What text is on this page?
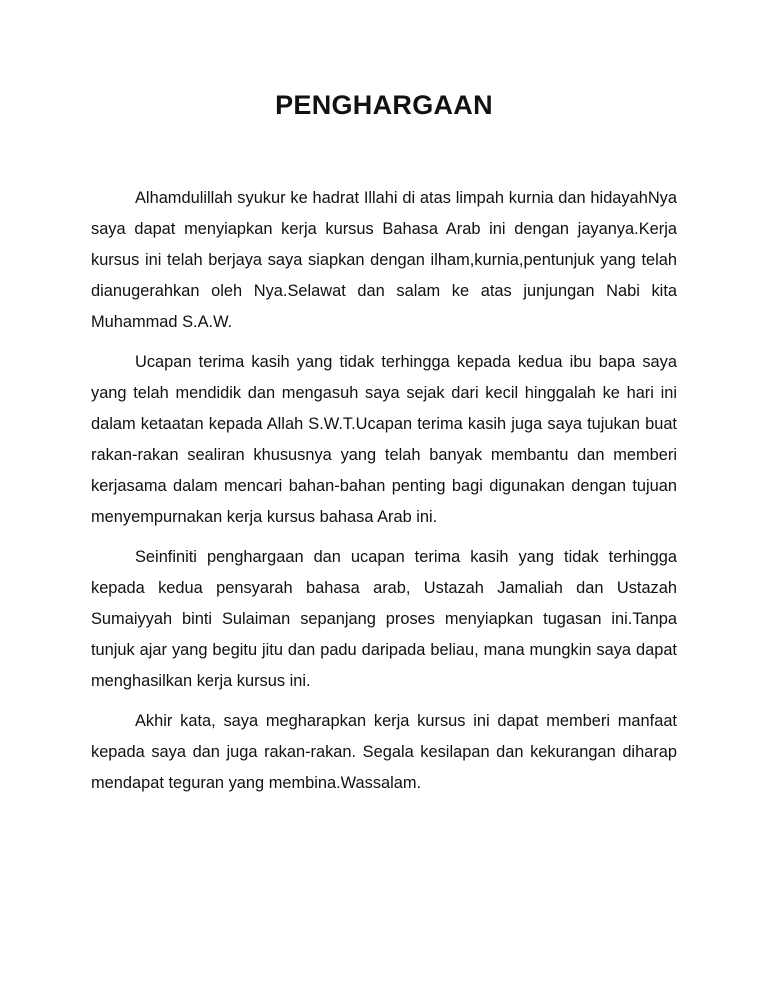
PENGHARGAAN

Alhamdulillah syukur ke hadrat Illahi di atas limpah kurnia dan hidayahNya saya dapat menyiapkan kerja kursus Bahasa Arab ini dengan jayanya.Kerja kursus ini telah berjaya saya siapkan dengan ilham,kurnia,pentunjuk yang telah dianugerahkan oleh Nya.Selawat dan salam ke atas junjungan Nabi kita Muhammad S.A.W.

Ucapan terima kasih yang tidak terhingga kepada kedua ibu bapa saya yang telah mendidik dan mengasuh saya sejak dari kecil hinggalah ke hari ini dalam ketaatan kepada Allah S.W.T.Ucapan terima kasih juga saya tujukan buat rakan-rakan sealiran khususnya yang telah banyak membantu dan memberi kerjasama dalam mencari bahan-bahan penting bagi digunakan dengan tujuan menyempurnakan kerja kursus bahasa Arab ini.

Seinfiniti penghargaan dan ucapan terima kasih yang tidak terhingga kepada kedua pensyarah bahasa arab, Ustazah Jamaliah dan Ustazah Sumaiyyah binti Sulaiman sepanjang proses menyiapkan tugasan ini.Tanpa tunjuk ajar yang begitu jitu dan padu daripada beliau, mana mungkin saya dapat menghasilkan kerja kursus ini.

Akhir kata, saya megharapkan kerja kursus ini dapat memberi manfaat kepada saya dan juga rakan-rakan. Segala kesilapan dan kekurangan diharap mendapat teguran yang membina.Wassalam.
